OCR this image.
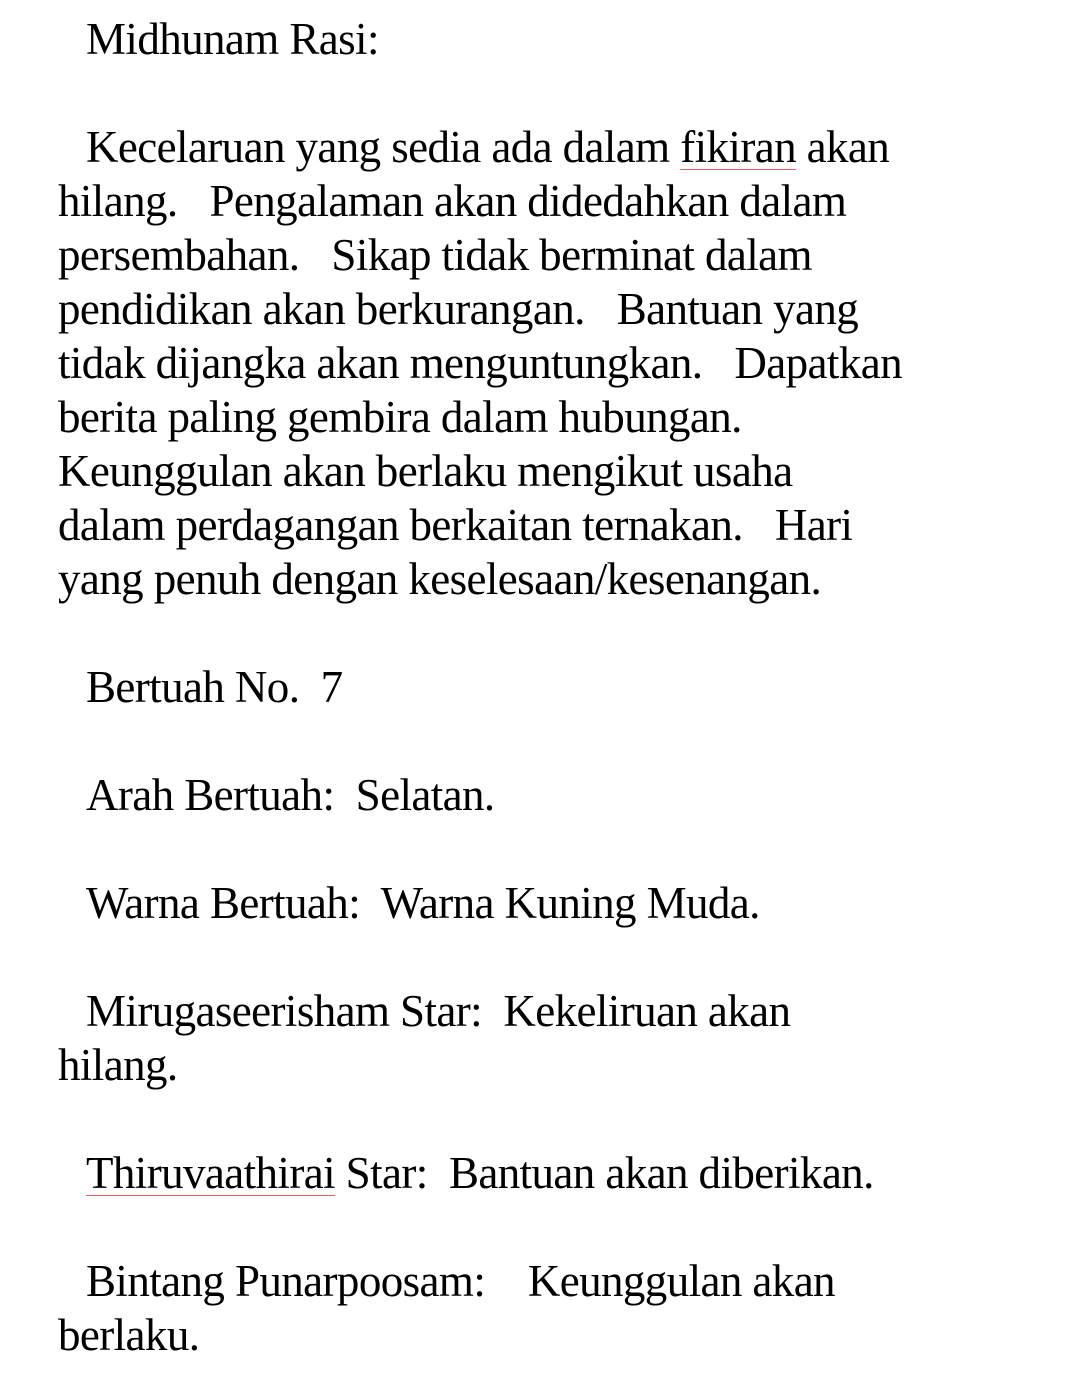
Midhunam Rasi:

Kecelaruan yang sedia ada dalam fikiran akan
hilang.   Pengalaman akan didedahkan dalam
persembahan.   Sikap tidak berminat dalam
pendidikan akan berkurangan.   Bantuan yang
tidak dijangka akan menguntungkan.   Dapatkan
berita paling gembira dalam hubungan.
Keunggulan akan berlaku mengikut usaha
dalam perdagangan berkaitan ternakan.   Hari
yang penuh dengan keselesaan/kesenangan.

Bertuah No.  7

Arah Bertuah:  Selatan.

Warna Bertuah:  Warna Kuning Muda.

Mirugaseerisham Star:  Kekeliruan akan
hilang.

Thiruvaathirai Star:  Bantuan akan diberikan.

Bintang Punarpoosam:    Keunggulan akan
berlaku.
